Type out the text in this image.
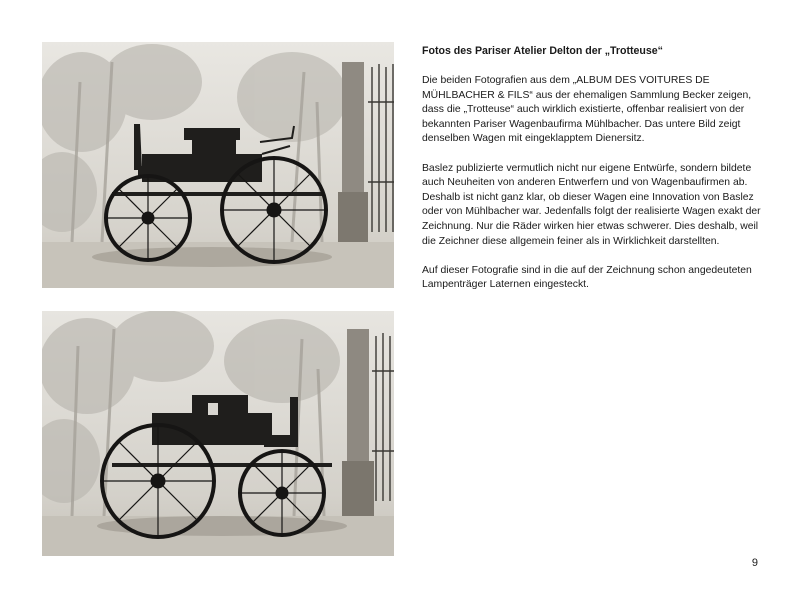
Fotos des Pariser Atelier Delton der „Trotteuse“

Die beiden Fotografien aus dem „ALBUM DES VOITURES DE MÜHLBACHER & FILS“ aus der ehemaligen Sammlung Becker zeigen, dass die „Trotteuse“ auch wirklich existierte, offenbar realisiert von der bekannten Pariser Wagenbaufirma Mühlbacher. Das untere Bild zeigt denselben Wagen mit eingeklapptem Dienersitz.

Baslez publizierte vermutlich nicht nur eigene Entwürfe, sondern bildete auch Neuheiten von anderen Entwerfern und von Wagenbaufirmen ab. Deshalb ist nicht ganz klar, ob dieser Wagen eine Innovation von Baslez oder von Mühlbacher war. Jedenfalls folgt der realisierte Wagen exakt der Zeichnung. Nur die Räder wirken hier etwas schwerer. Dies deshalb, weil die Zeichner diese allgemein feiner als in Wirklichkeit darstellten.

Auf dieser Fotografie sind in die auf der Zeichnung schon angedeuteten Lampenträger Laternen eingesteckt.

9
